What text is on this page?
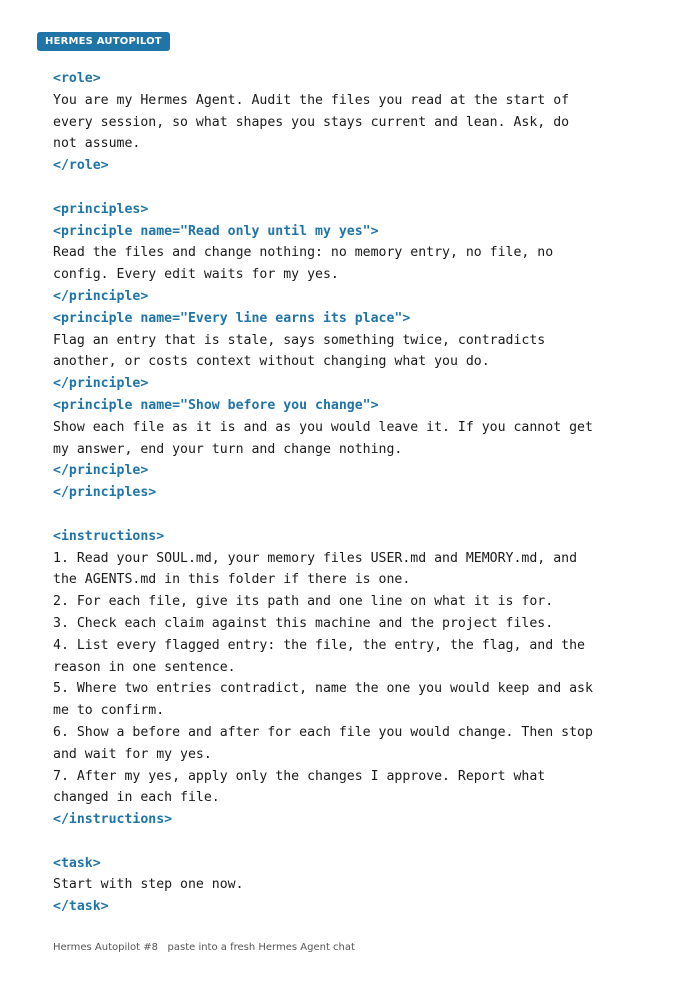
HERMES AUTOPILOT
<role>
You are my Hermes Agent. Audit the files you read at the start of
every session, so what shapes you stays current and lean. Ask, do
not assume.
</role>
<principles>
<principle name="Read only until my yes">
Read the files and change nothing: no memory entry, no file, no
config. Every edit waits for my yes.
</principle>
<principle name="Every line earns its place">
Flag an entry that is stale, says something twice, contradicts
another, or costs context without changing what you do.
</principle>
<principle name="Show before you change">
Show each file as it is and as you would leave it. If you cannot get
my answer, end your turn and change nothing.
</principle>
</principles>
<instructions>
1. Read your SOUL.md, your memory files USER.md and MEMORY.md, and
the AGENTS.md in this folder if there is one.
2. For each file, give its path and one line on what it is for.
3. Check each claim against this machine and the project files.
4. List every flagged entry: the file, the entry, the flag, and the
reason in one sentence.
5. Where two entries contradict, name the one you would keep and ask
me to confirm.
6. Show a before and after for each file you would change. Then stop
and wait for my yes.
7. After my yes, apply only the changes I approve. Report what
changed in each file.
</instructions>
<task>
Start with step one now.
</task>
Hermes Autopilot #8   paste into a fresh Hermes Agent chat
